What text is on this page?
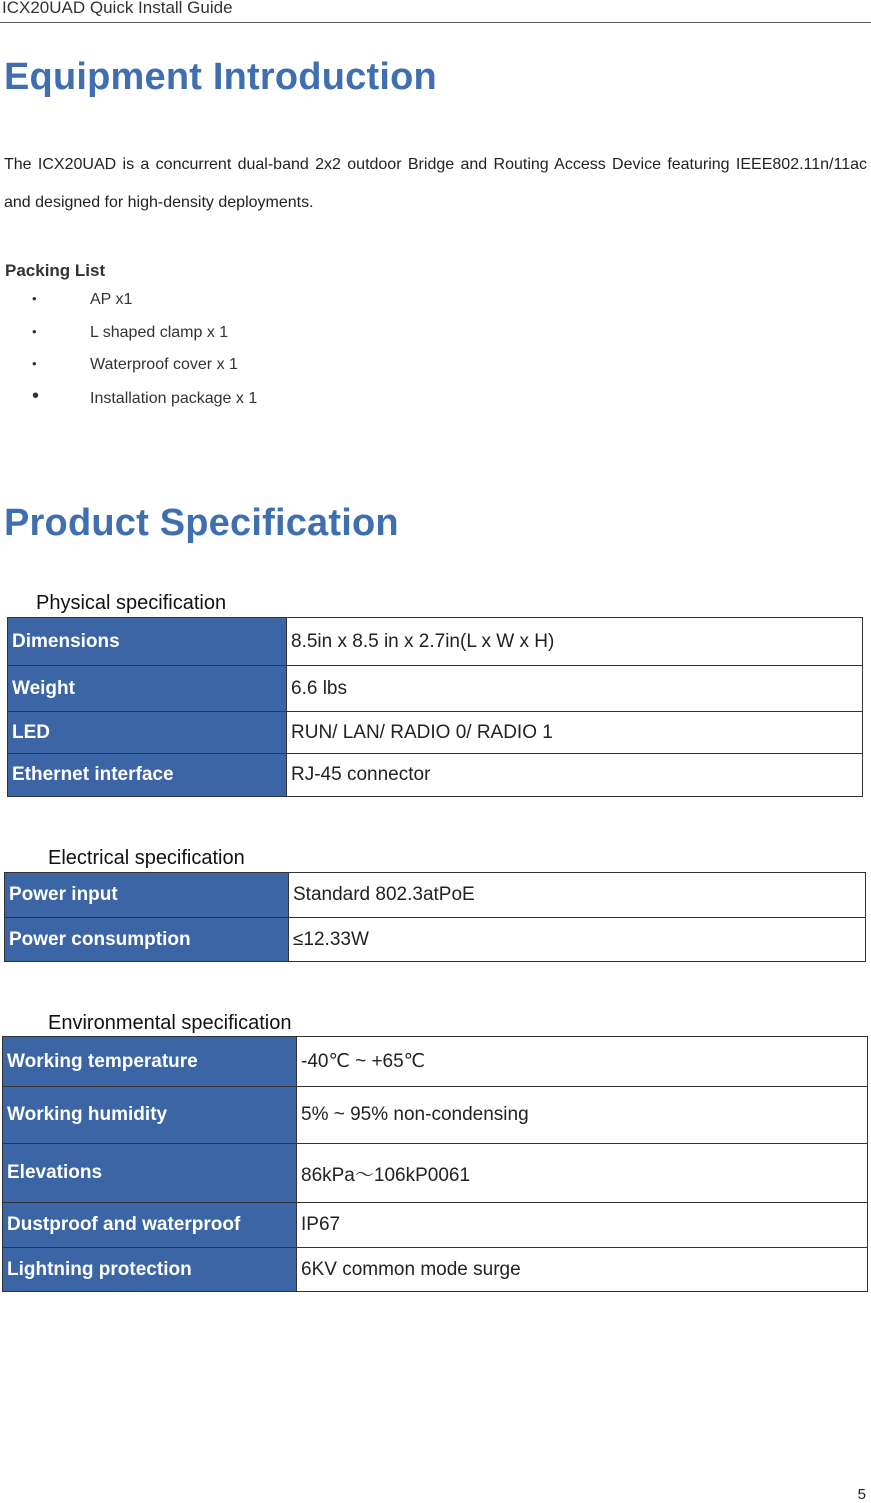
ICX20UAD Quick Install Guide
Equipment Introduction
The ICX20UAD is a concurrent dual-band 2x2 outdoor Bridge and Routing Access Device featuring IEEE802.11n/11ac and designed for high-density deployments.
Packing List
•	AP x1
•	L shaped clamp x 1
•	Waterproof cover x 1
•	Installation package x 1
Product Specification
Physical specification
Dimensions	8.5in x 8.5 in x 2.7in(L x W x H)
Weight	6.6 lbs
LED	RUN/ LAN/ RADIO 0/ RADIO 1
Ethernet interface	RJ-45 connector
Electrical specification
Power input	Standard 802.3atPoE
Power consumption	≤12.33W
Environmental specification
Working temperature	-40℃ ~ +65℃
Working humidity	5% ~ 95% non-condensing
Elevations	86kPa～106kP0061
Dustproof and waterproof	IP67
Lightning protection	6KV common mode surge
5
